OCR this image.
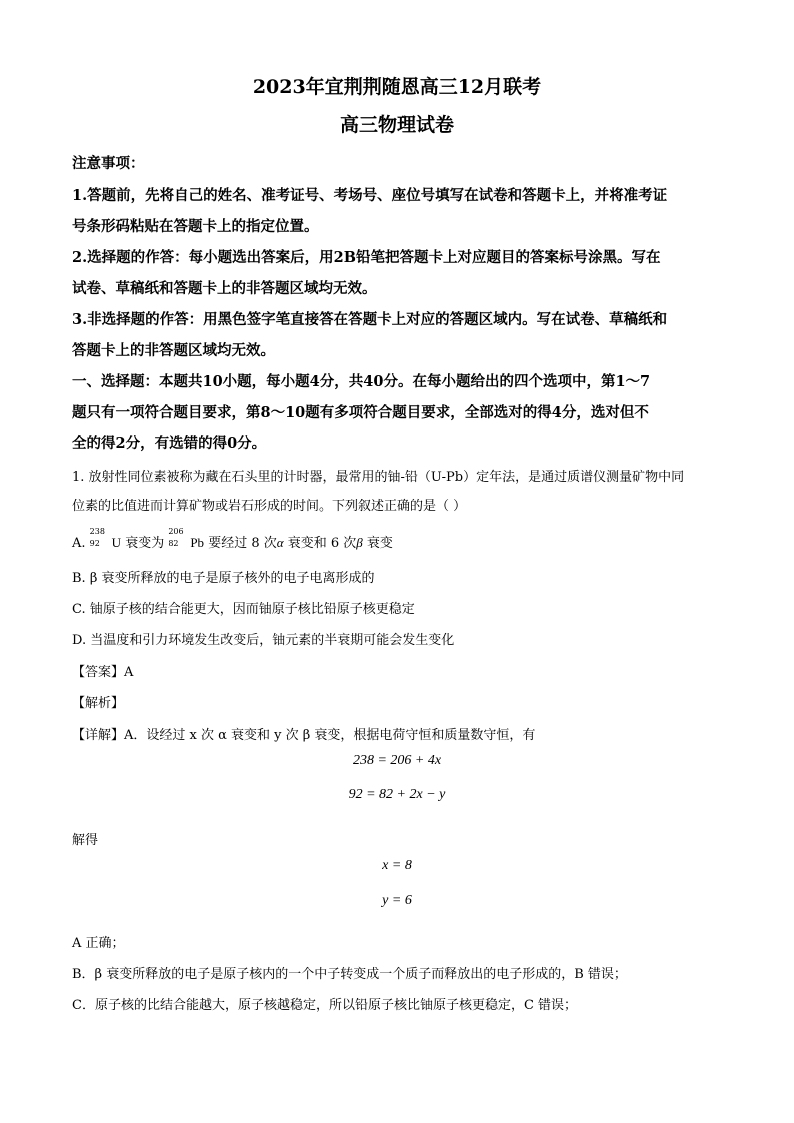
2023年宜荆荆随恩高三12月联考
高三物理试卷
注意事项：
1.答题前，先将自己的姓名、准考证号、考场号、座位号填写在试卷和答题卡上，并将准考证
号条形码粘贴在答题卡上的指定位置。
2.选择题的作答：每小题选出答案后，用2B铅笔把答题卡上对应题目的答案标号涂黑。写在
试卷、草稿纸和答题卡上的非答题区域均无效。
3.非选择题的作答：用黑色签字笔直接答在答题卡上对应的答题区域内。写在试卷、草稿纸和
答题卡上的非答题区域均无效。
一、选择题：本题共10小题，每小题4分，共40分。在每小题给出的四个选项中，第1～7
题只有一项符合题目要求，第8～10题有多项符合题目要求，全部选对的得4分，选对但不
全的得2分，有选错的得0分。
1. 放射性同位素被称为藏在石头里的计时器，最常用的铀-铅（U-Pb）定年法，是通过质谱仪测量矿物中同
位素的比值进而计算矿物或岩石形成的时间。下列叙述正确的是（ ）
A.
238
92 U 衰变为
206
82 Pb 要经过 8 次α 衰变和 6 次β 衰变
B. β 衰变所释放的电子是原子核外的电子电离形成的
C. 铀原子核的结合能更大，因而铀原子核比铅原子核更稳定
D. 当温度和引力环境发生改变后，铀元素的半衰期可能会发生变化
【答案】A
【解析】
【详解】A．设经过 x 次 α 衰变和 y 次 β 衰变，根据电荷守恒和质量数守恒，有
238 = 206 + 4x
92 = 82 + 2x − y
解得
x = 8
y = 6
A 正确；
B．β 衰变所释放的电子是原子核内的一个中子转变成一个质子而释放出的电子形成的，B 错误；
C．原子核的比结合能越大，原子核越稳定，所以铅原子核比铀原子核更稳定，C 错误；
